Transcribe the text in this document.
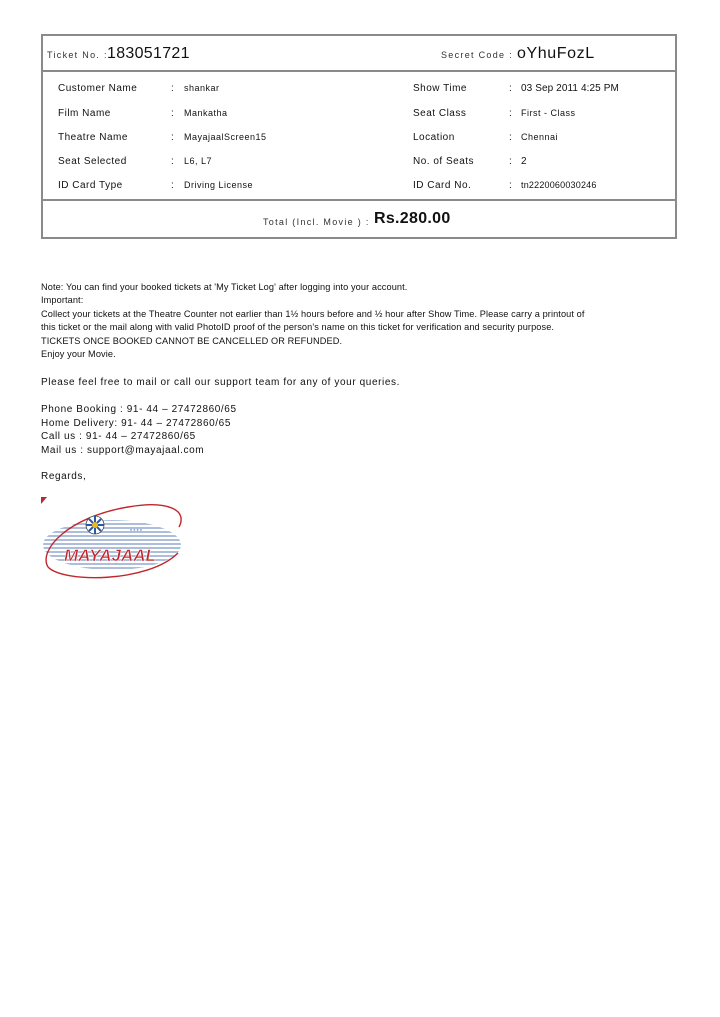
Ticket No. : 183051721	Secret Code : oYhuFozL
Customer Name	: shankar	Show Time	: 03 Sep 2011 4:25 PM
Film Name	: Mankatha	Seat Class	: First - Class
Theatre Name	: MayajaalScreen15	Location	: Chennai
Seat Selected	: L6, L7	No. of Seats	: 2
ID Card Type	: Driving License	ID Card No.	: tn2220060030246
Total (Incl. Movie ) : Rs.280.00

Note: You can find your booked tickets at 'My Ticket Log' after logging into your account.

Important:

Collect your tickets at the Theatre Counter not earlier than 1½ hours before and ½ hour after Show Time. Please carry a printout of

this ticket or the mail along with valid PhotoID proof of the person's name on this ticket for verification and security purpose.

TICKETS ONCE BOOKED CANNOT BE CANCELLED OR REFUNDED.

Enjoy your Movie.

Please feel free to mail or call our support team for any of your queries.

Phone Booking : 91- 44 – 27472860/65

Home Delivery: 91- 44 – 27472860/65

Call us : 91- 44 – 27472860/65

Mail us : support@mayajaal.com

Regards,

* * * *
MAYAJAAL
